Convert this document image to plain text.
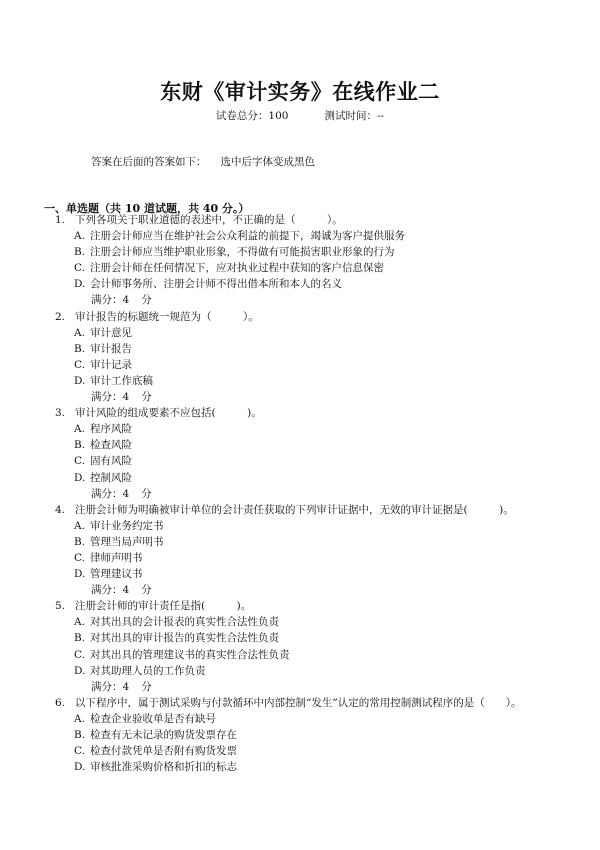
东财《审计实务》在线作业二
试卷总分：100	测试时间：--
答案在后面的答案如下： 选中后字体变成黑色
一、单选题（共 10 道试题，共 40 分。）
1. 下列各项关于职业道德的表述中，不正确的是（　　　）。
A. 注册会计师应当在维护社会公众利益的前提下，竭诚为客户提供服务
B. 注册会计师应当维护职业形象，不得做有可能损害职业形象的行为
C. 注册会计师在任何情况下，应对执业过程中获知的客户信息保密
D. 会计师事务所、注册会计师不得出借本所和本人的名义
满分：4 分
2. 审计报告的标题统一规范为（　　　）。
A. 审计意见
B. 审计报告
C. 审计记录
D. 审计工作底稿
满分：4 分
3. 审计风险的组成要素不应包括(　　　)。
A. 程序风险
B. 检查风险
C. 固有风险
D. 控制风险
满分：4 分
4. 注册会计师为明确被审计单位的会计责任获取的下列审计证据中，无效的审计证据是(　　　)。
A. 审计业务约定书
B. 管理当局声明书
C. 律师声明书
D. 管理建议书
满分：4 分
5. 注册会计师的审计责任是指(　　　)。
A. 对其出具的会计报表的真实性合法性负责
B. 对其出具的审计报告的真实性合法性负责
C. 对其出具的管理建议书的真实性合法性负责
D. 对其助理人员的工作负责
满分：4 分
6. 以下程序中，属于测试采购与付款循环中内部控制“发生”认定的常用控制测试程序的是（　　）。
A. 检查企业验收单是否有缺号
B. 检查有无未记录的购货发票存在
C. 检查付款凭单是否附有购货发票
D. 审核批准采购价格和折扣的标志
